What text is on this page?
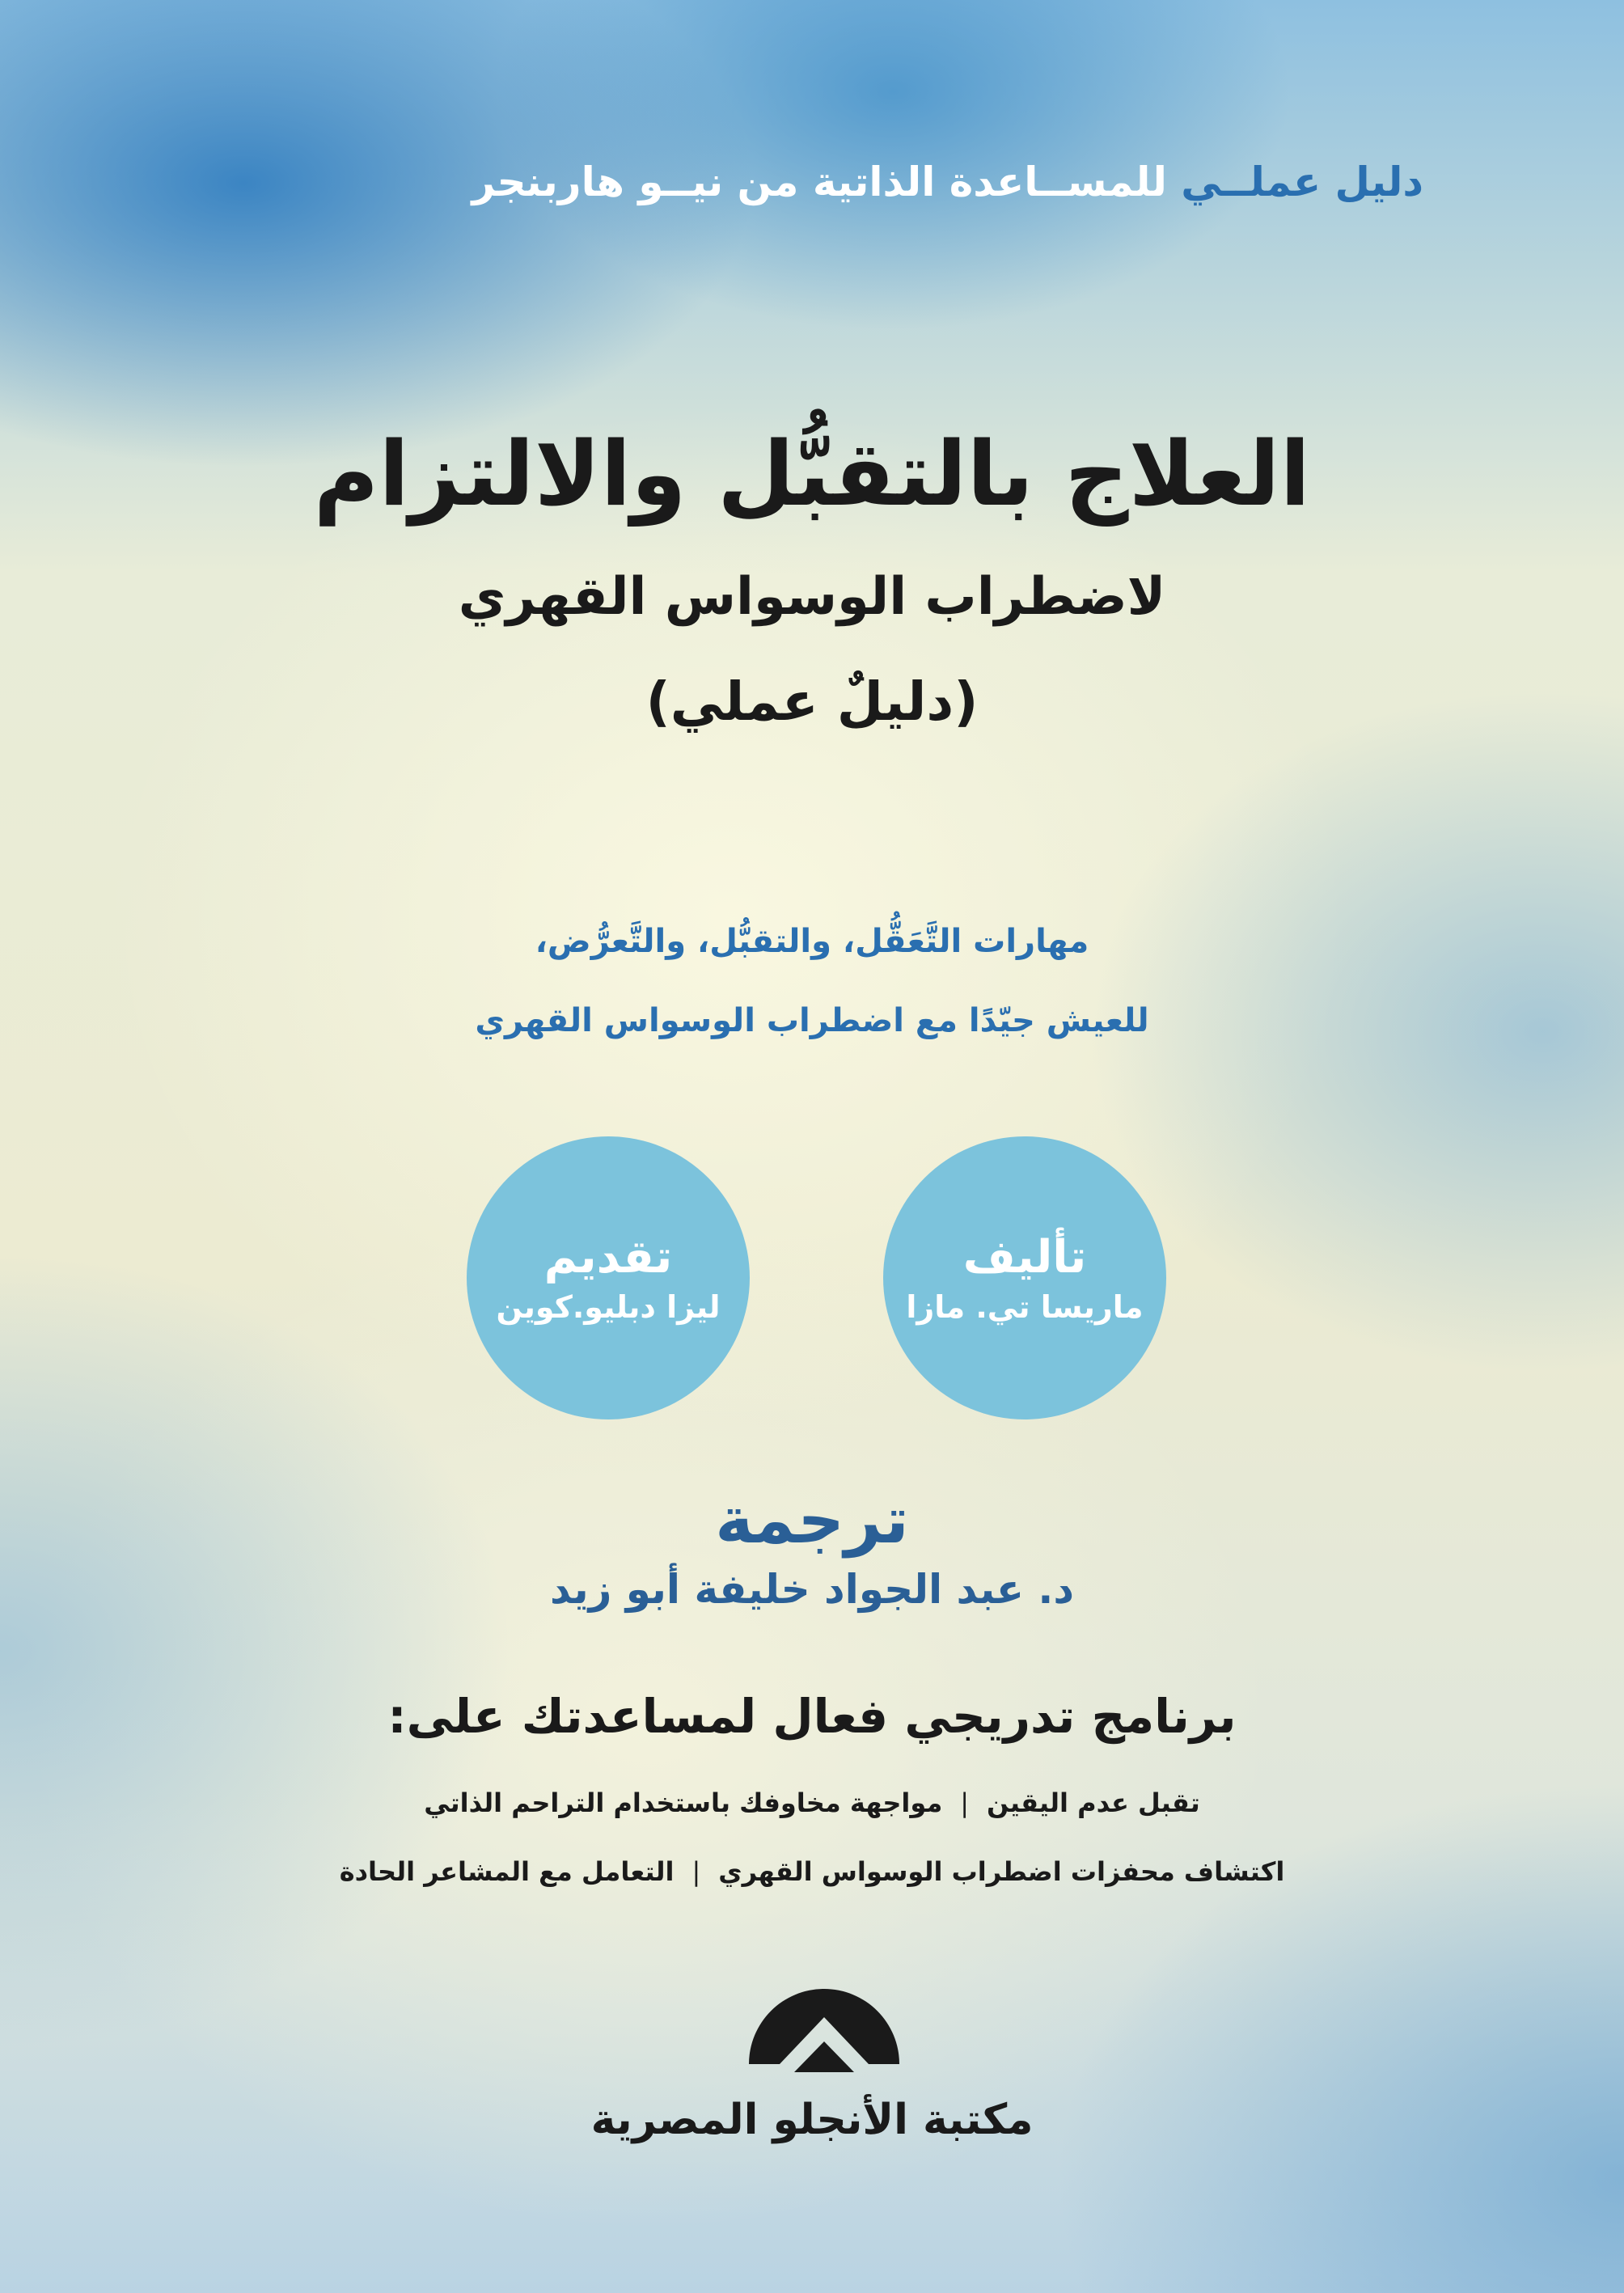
دليل عملــي للمســاعدة الذاتية من نيــو هاربنجر
العلاج بالتقبُّل والالتزام
لاضطراب الوسواس القهري
(دليلٌ عملي)
مهارات التَّعَقُّل، والتقبُّل، والتَّعرُّض،
للعيش جيّدًا مع اضطراب الوسواس القهري
تأليف
ماريسا تي. مازا
تقديم
ليزا دبليو.كوين
ترجمة
د. عبد الجواد خليفة أبو زيد
برنامج تدريجي فعال لمساعدتك على:
تقبل عدم اليقين|مواجهة مخاوفك باستخدام التراحم الذاتي
اكتشاف محفزات اضطراب الوسواس القهري|التعامل مع المشاعر الحادة
مكتبة الأنجلو المصرية
